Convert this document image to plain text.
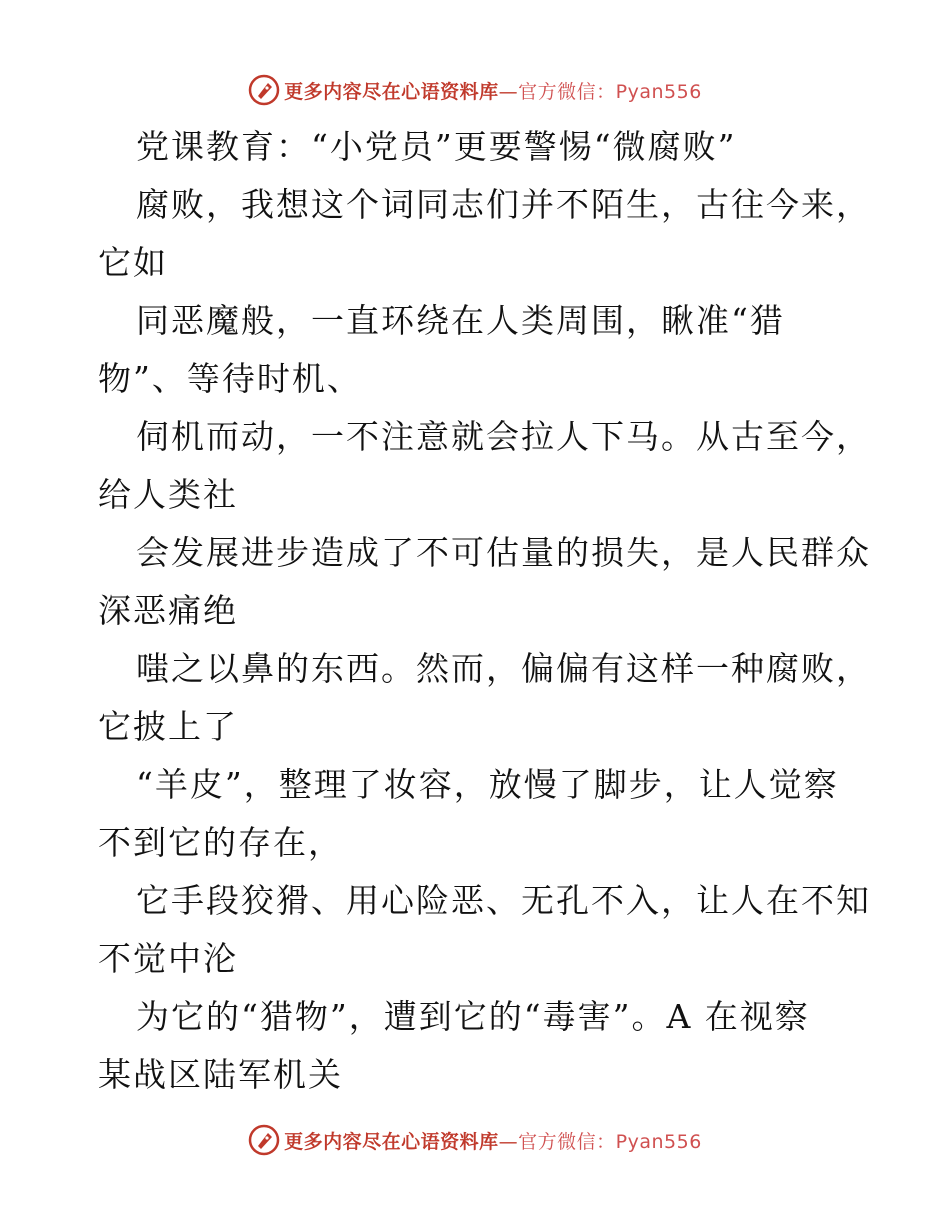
更多内容尽在心语资料库—官方微信：Pyan556
党课教育：“小党员”更要警惕“微腐败”
腐败，我想这个词同志们并不陌生，古往今来，
它如
同恶魔般，一直环绕在人类周围，瞅准“猎
物”、等待时机、
伺机而动，一不注意就会拉人下马。从古至今，
给人类社
会发展进步造成了不可估量的损失，是人民群众
深恶痛绝
嗤之以鼻的东西。然而，偏偏有这样一种腐败，
它披上了
“羊皮”，整理了妆容，放慢了脚步，让人觉察
不到它的存在，
它手段狡猾、用心险恶、无孔不入，让人在不知
不觉中沦
为它的“猎物”，遭到它的“毒害”。A 在视察
某战区陆军机关
更多内容尽在心语资料库—官方微信：Pyan556
